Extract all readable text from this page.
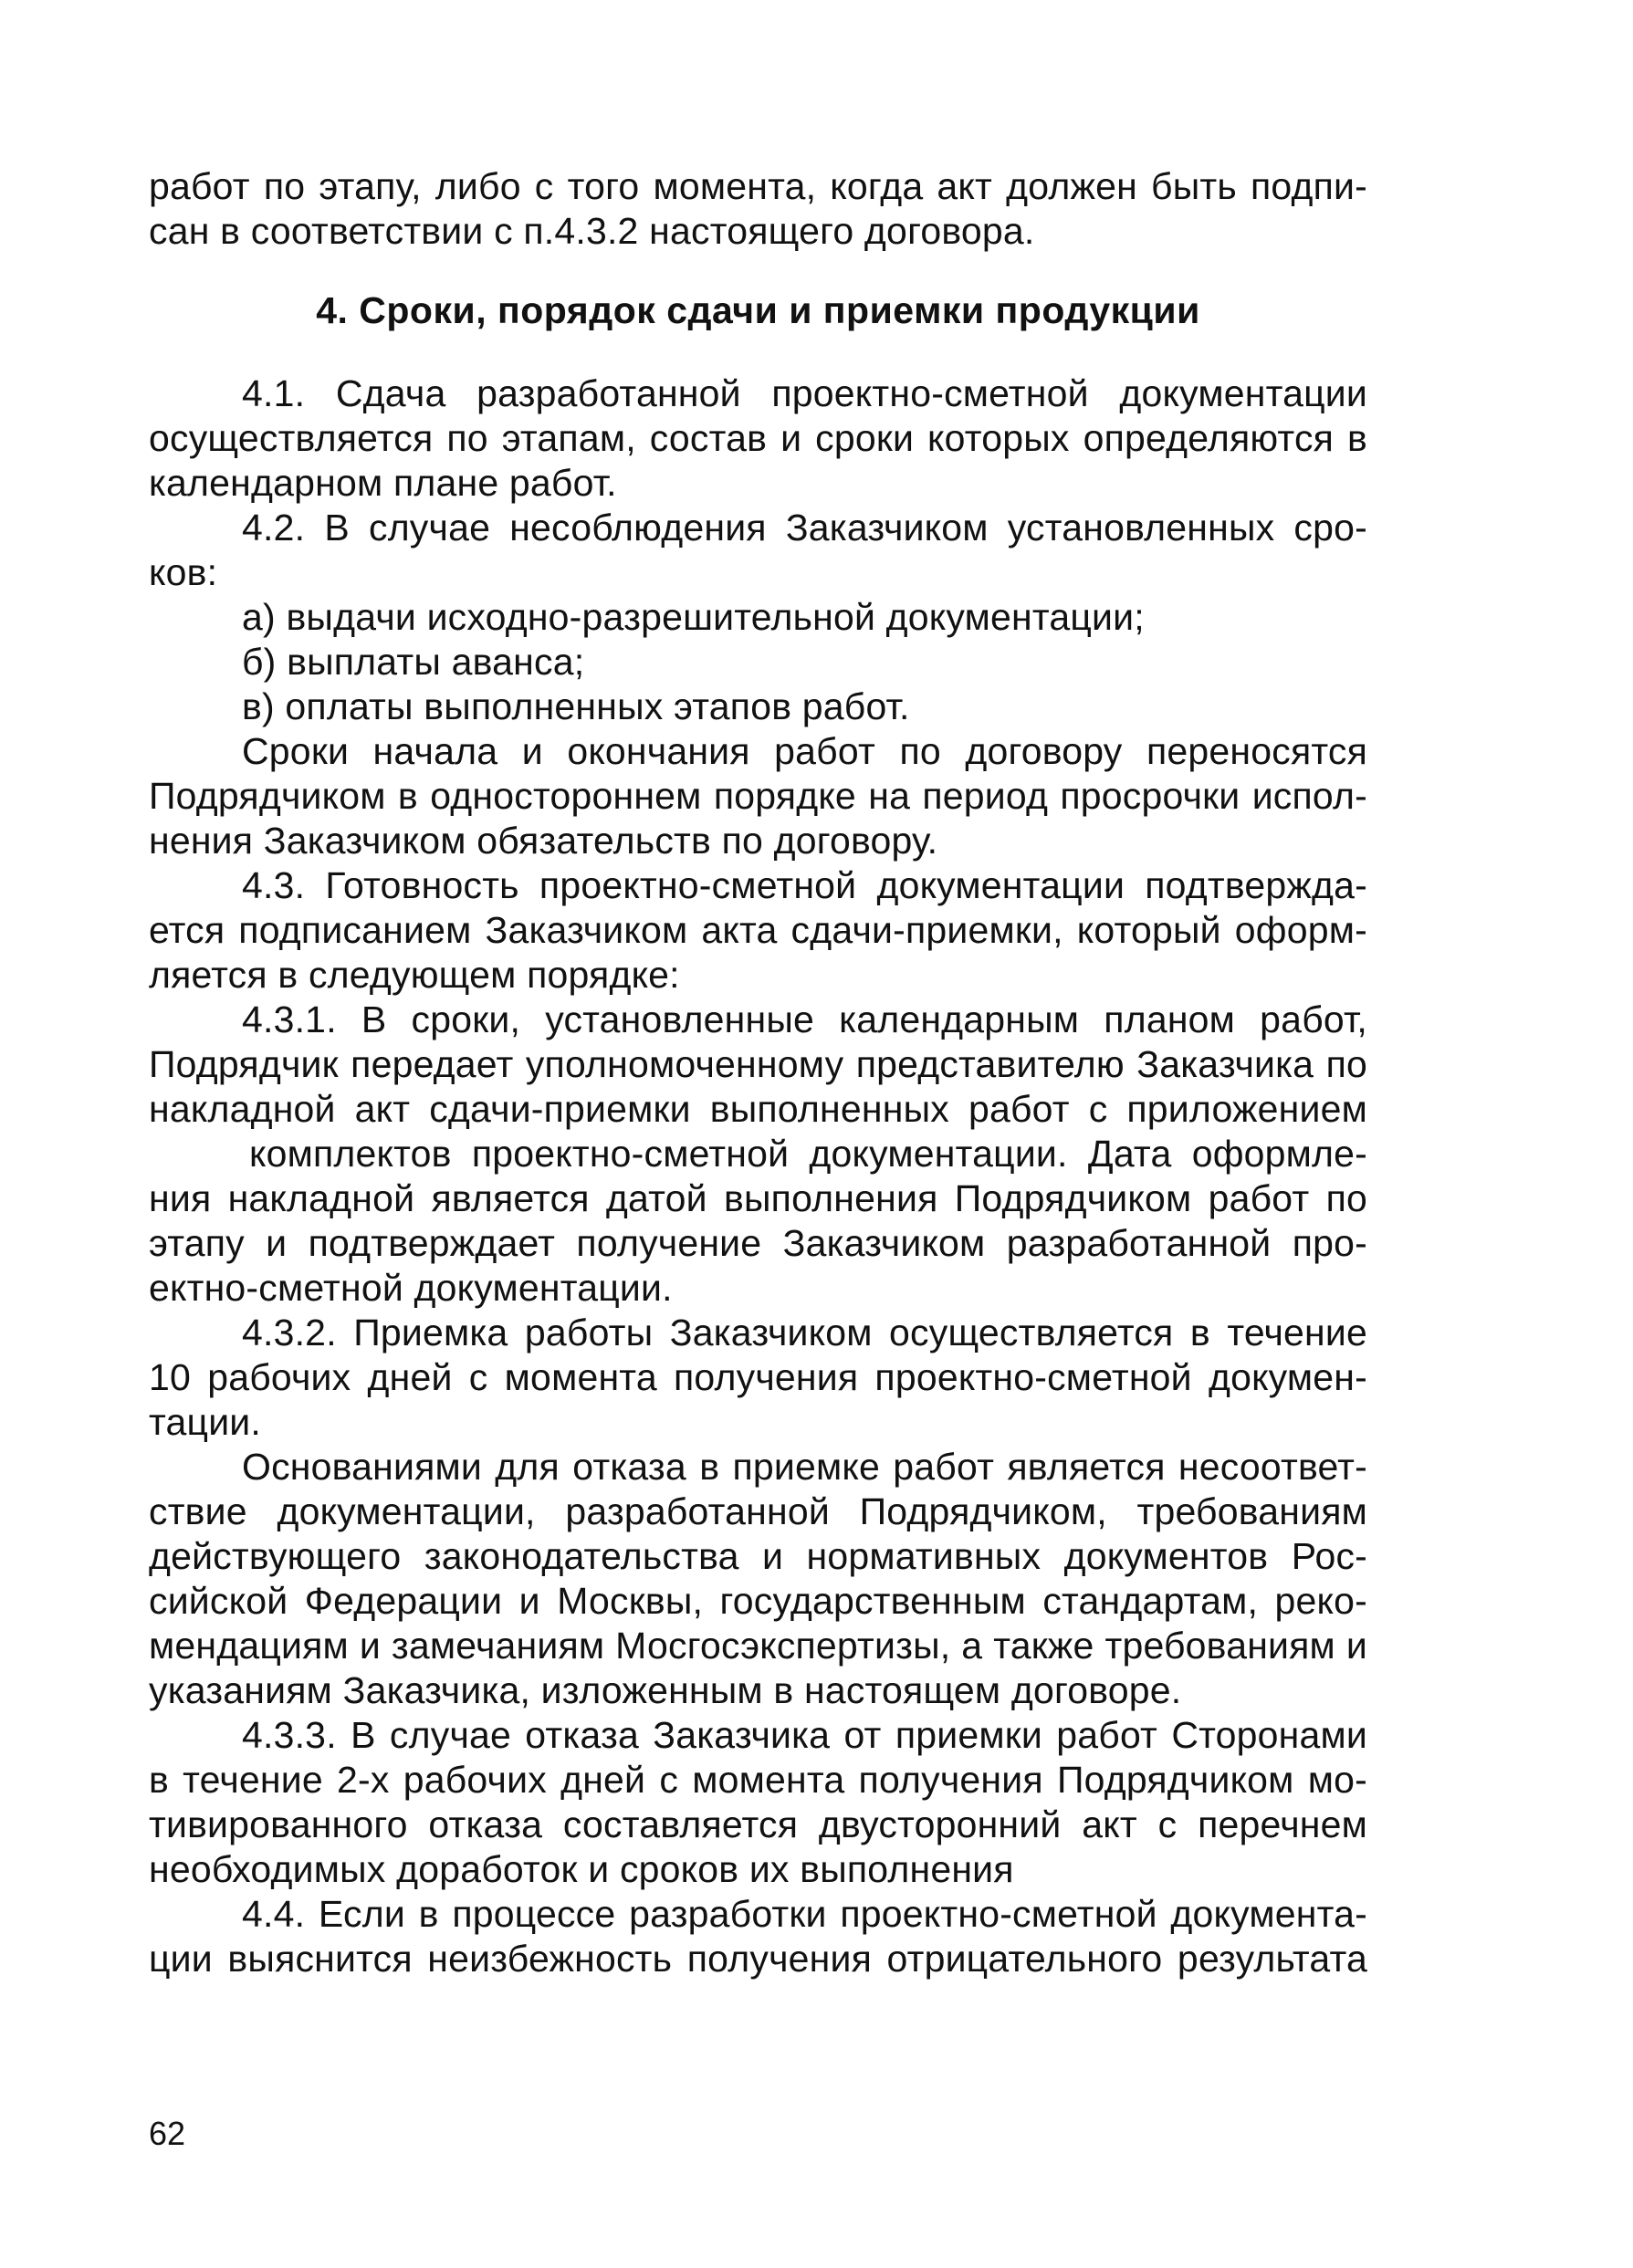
работ по этапу, либо с того момента, когда акт должен быть подпи-
сан в соответствии с п.4.3.2 настоящего договора.
4. Сроки, порядок сдачи и приемки продукции
4.1. Сдача разработанной проектно-сметной документации
осуществляется по этапам, состав и сроки которых определяются в
календарном плане работ.
4.2. В случае несоблюдения Заказчиком установленных сро-
ков:
а) выдачи исходно-разрешительной документации;
б) выплаты аванса;
в) оплаты выполненных этапов работ.
Сроки начала и окончания работ по договору переносятся
Подрядчиком в одностороннем порядке на период просрочки испол-
нения Заказчиком обязательств по договору.
4.3. Готовность проектно-сметной документации подтвержда-
ется подписанием Заказчиком акта сдачи-приемки, который оформ-
ляется в следующем порядке:
4.3.1. В сроки, установленные календарным планом работ,
Подрядчик передает уполномоченному представителю Заказчика по
накладной акт сдачи-приемки выполненных работ с приложением
комплектов проектно-сметной документации. Дата оформле-
ния накладной является датой выполнения Подрядчиком работ по
этапу и подтверждает получение Заказчиком разработанной про-
ектно-сметной документации.
4.3.2. Приемка работы Заказчиком осуществляется в течение
10 рабочих дней с момента получения проектно-сметной докумен-
тации.
Основаниями для отказа в приемке работ является несоответ-
ствие документации, разработанной Подрядчиком, требованиям
действующего законодательства и нормативных документов Рос-
сийской Федерации и Москвы, государственным стандартам, реко-
мендациям и замечаниям Мосгосэкспертизы, а также требованиям и
указаниям Заказчика, изложенным в настоящем договоре.
4.3.3. В случае отказа Заказчика от приемки работ Сторонами
в течение 2-х рабочих дней с момента получения Подрядчиком мо-
тивированного отказа составляется двусторонний акт с перечнем
необходимых доработок и сроков их выполнения
4.4. Если в процессе разработки проектно-сметной документа-
ции выяснится неизбежность получения отрицательного результата
62
